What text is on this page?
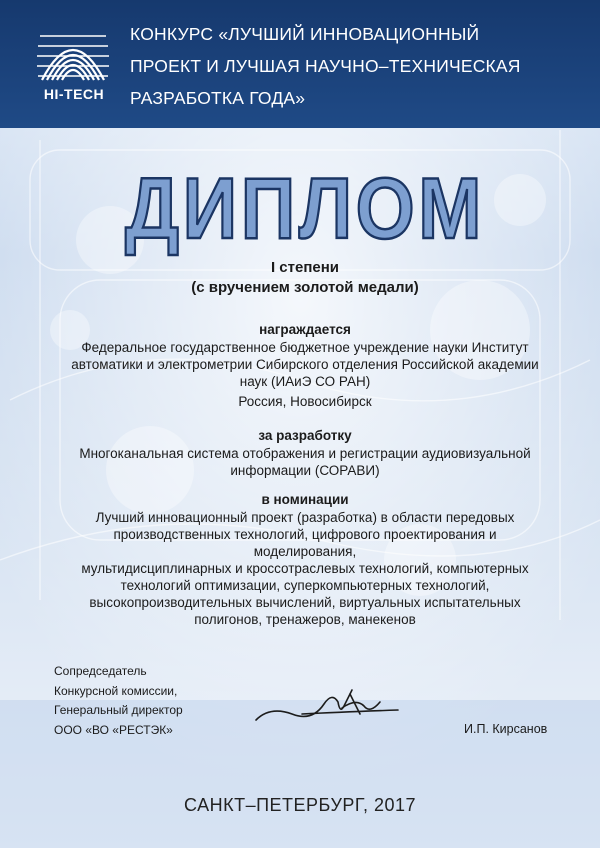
HI-TECH
КОНКУРС «ЛУЧШИЙ ИННОВАЦИОННЫЙ
ПРОЕКТ И ЛУЧШАЯ НАУЧНО–ТЕХНИЧЕСКАЯ
РАЗРАБОТКА ГОДА»
ДИПЛОМ
I степени
(с вручением золотой медали)
награждается
Федеральное государственное бюджетное учреждение науки Институт
автоматики и электрометрии Сибирского отделения Российской академии
наук (ИАиЭ СО РАН)
Россия, Новосибирск
за разработку
Многоканальная система отображения и регистрации аудиовизуальной
информации (СОРАВИ)
в номинации
Лучший инновационный проект (разработка) в области передовых
производственных технологий, цифрового проектирования и моделирования,
мультидисциплинарных и кроссотраслевых технологий, компьютерных
технологий оптимизации, суперкомпьютерных технологий,
высокопроизводительных вычислений, виртуальных испытательных
полигонов, тренажеров, манекенов
Сопредседатель
Конкурсной комиссии,
Генеральный директор
ООО «ВО «РЕСТЭК»	И.П. Кирсанов
САНКТ–ПЕТЕРБУРГ, 2017
